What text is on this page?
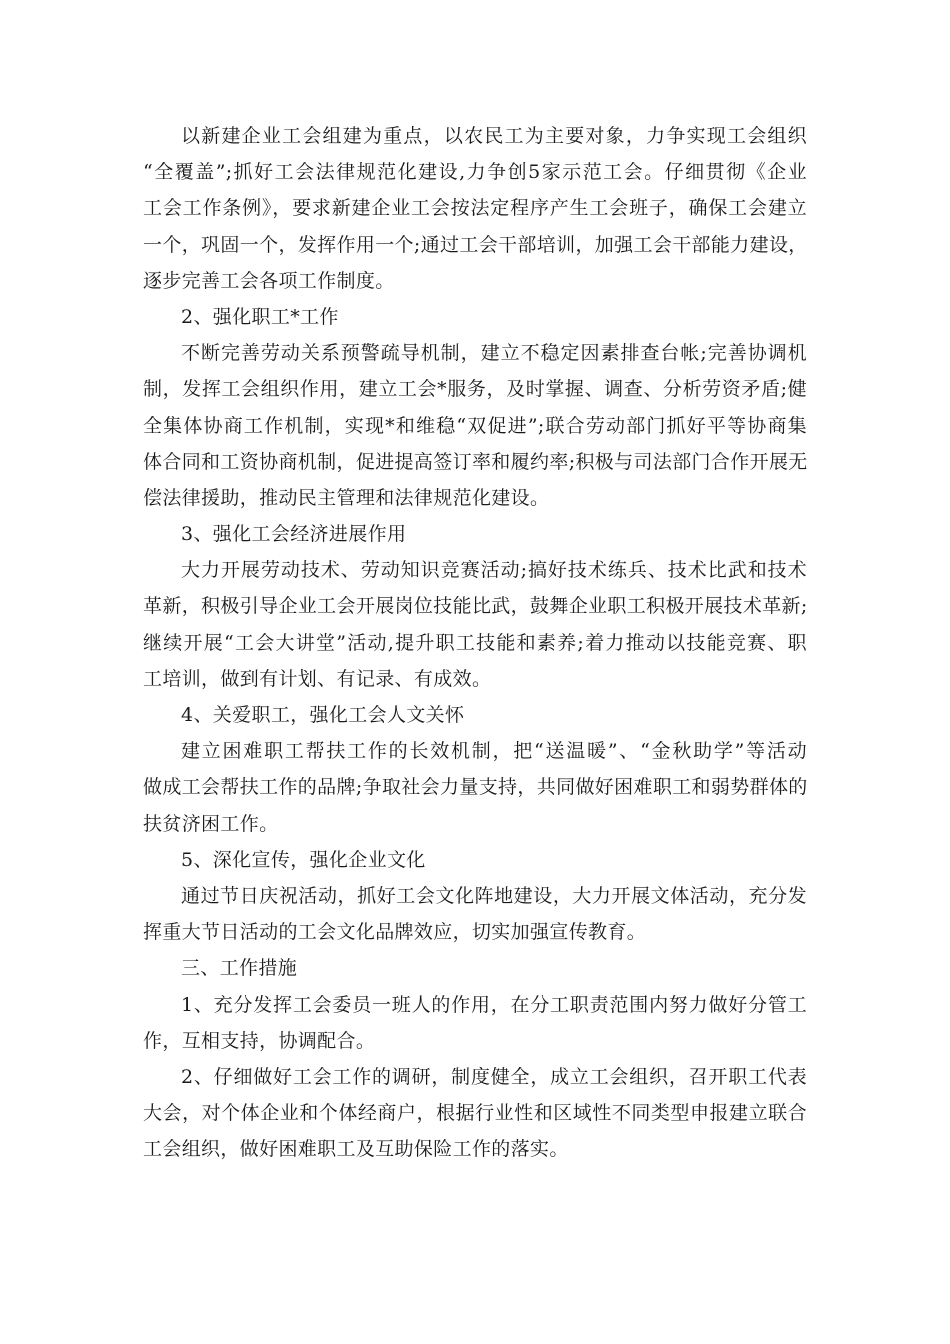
以新建企业工会组建为重点，以农民工为主要对象，力争实现工会组织
“全覆盖”;抓好工会法律规范化建设,力争创5家示范工会。仔细贯彻《企业
工会工作条例》，要求新建企业工会按法定程序产生工会班子，确保工会建立
一个，巩固一个，发挥作用一个;通过工会干部培训，加强工会干部能力建设，
逐步完善工会各项工作制度。
2、强化职工*工作
不断完善劳动关系预警疏导机制，建立不稳定因素排查台帐;完善协调机
制，发挥工会组织作用，建立工会*服务，及时掌握、调查、分析劳资矛盾;健
全集体协商工作机制，实现*和维稳“双促进”;联合劳动部门抓好平等协商集
体合同和工资协商机制，促进提高签订率和履约率;积极与司法部门合作开展无
偿法律援助，推动民主管理和法律规范化建设。
3、强化工会经济进展作用
大力开展劳动技术、劳动知识竞赛活动;搞好技术练兵、技术比武和技术
革新，积极引导企业工会开展岗位技能比武，鼓舞企业职工积极开展技术革新;
继续开展“工会大讲堂”活动,提升职工技能和素养;着力推动以技能竞赛、职
工培训，做到有计划、有记录、有成效。
4、关爱职工，强化工会人文关怀
建立困难职工帮扶工作的长效机制，把“送温暖”、“金秋助学”等活动
做成工会帮扶工作的品牌;争取社会力量支持，共同做好困难职工和弱势群体的
扶贫济困工作。
5、深化宣传，强化企业文化
通过节日庆祝活动，抓好工会文化阵地建设，大力开展文体活动，充分发
挥重大节日活动的工会文化品牌效应，切实加强宣传教育。
三、工作措施
1、充分发挥工会委员一班人的作用，在分工职责范围内努力做好分管工
作，互相支持，协调配合。
2、仔细做好工会工作的调研，制度健全，成立工会组织，召开职工代表
大会，对个体企业和个体经商户，根据行业性和区域性不同类型申报建立联合
工会组织，做好困难职工及互助保险工作的落实。
